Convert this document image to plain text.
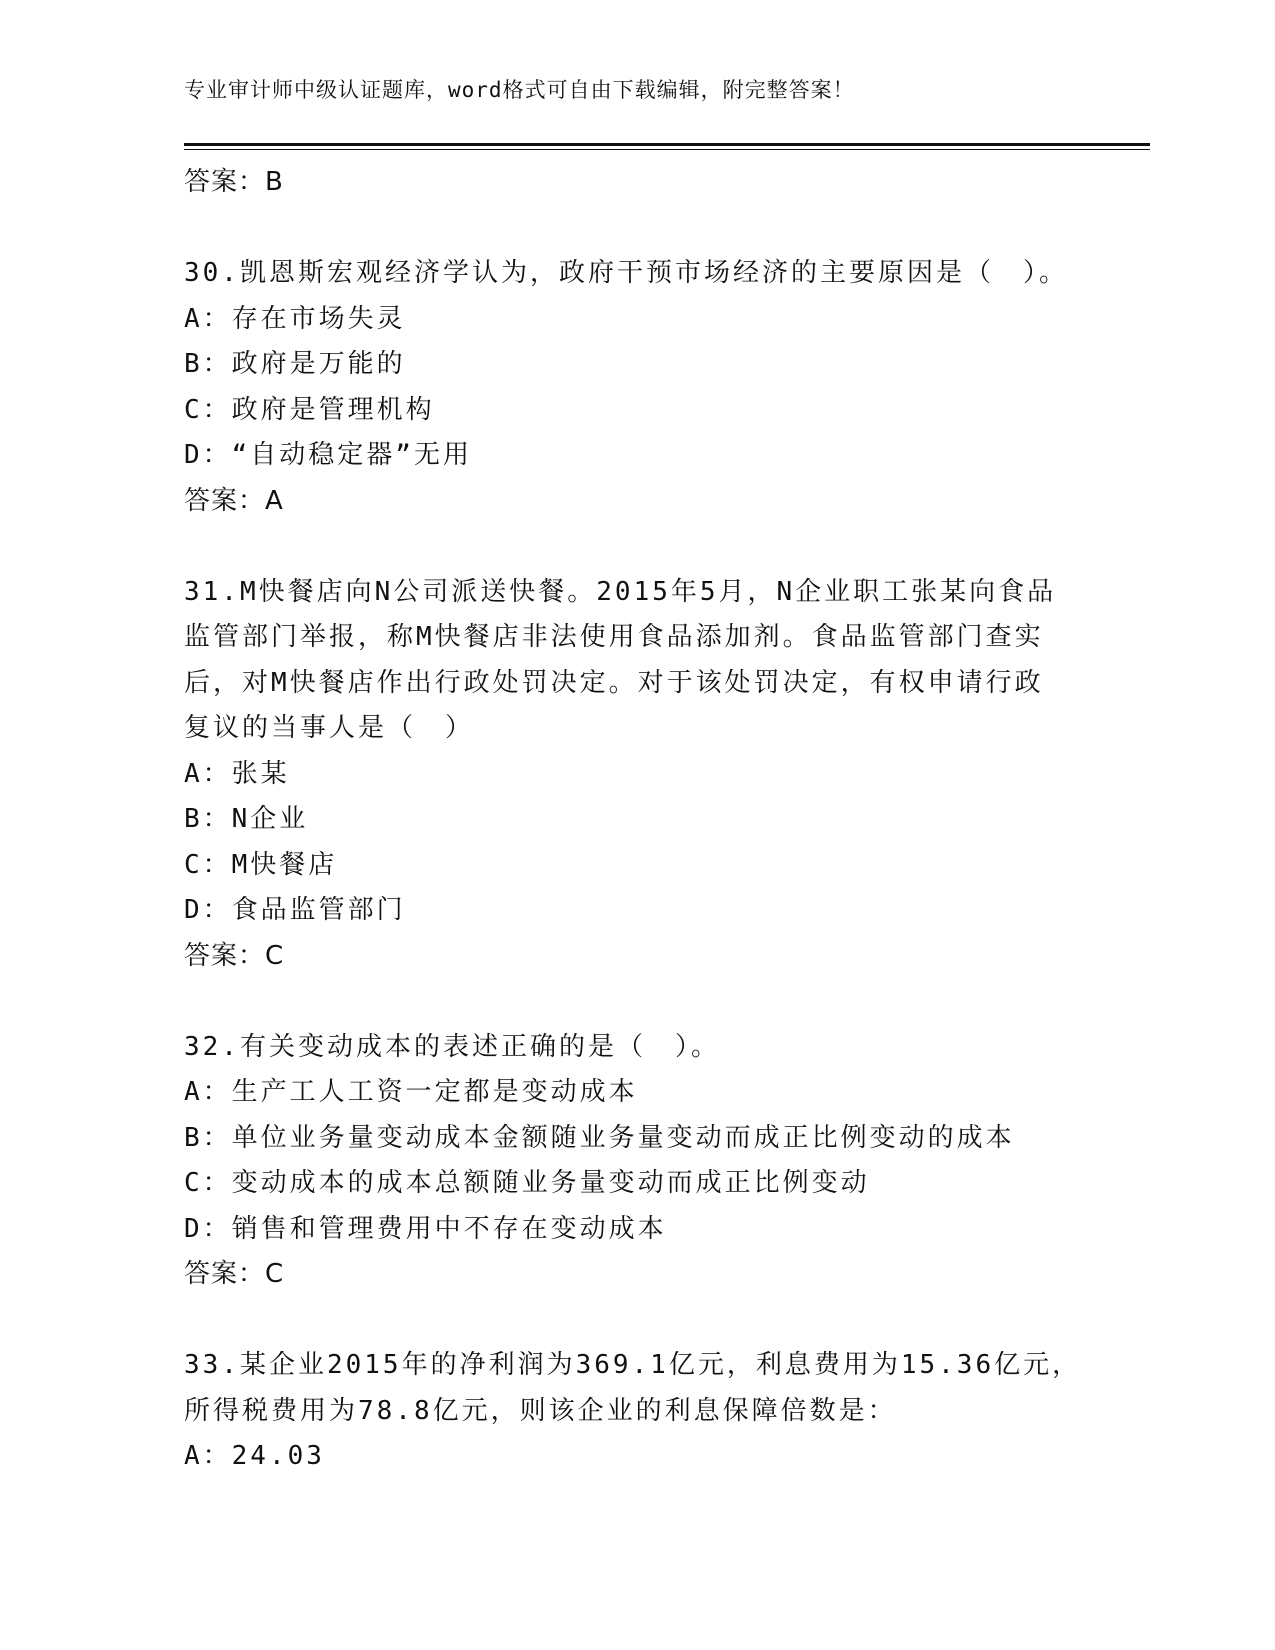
专业审计师中级认证题库，word格式可自由下载编辑，附完整答案！
答案：B
30.凯恩斯宏观经济学认为，政府干预市场经济的主要原因是（　）。
A：存在市场失灵
B：政府是万能的
C：政府是管理机构
D：“自动稳定器”无用
答案：A
31.M快餐店向N公司派送快餐。2015年5月，N企业职工张某向食品
监管部门举报，称M快餐店非法使用食品添加剂。食品监管部门查实
后，对M快餐店作出行政处罚决定。对于该处罚决定，有权申请行政
复议的当事人是（　）
A：张某
B：N企业
C：M快餐店
D：食品监管部门
答案：C
32.有关变动成本的表述正确的是（　）。
A：生产工人工资一定都是变动成本
B：单位业务量变动成本金额随业务量变动而成正比例变动的成本
C：变动成本的成本总额随业务量变动而成正比例变动
D：销售和管理费用中不存在变动成本
答案：C
33.某企业2015年的净利润为369.1亿元，利息费用为15.36亿元，
所得税费用为78.8亿元，则该企业的利息保障倍数是：
A：24.03
